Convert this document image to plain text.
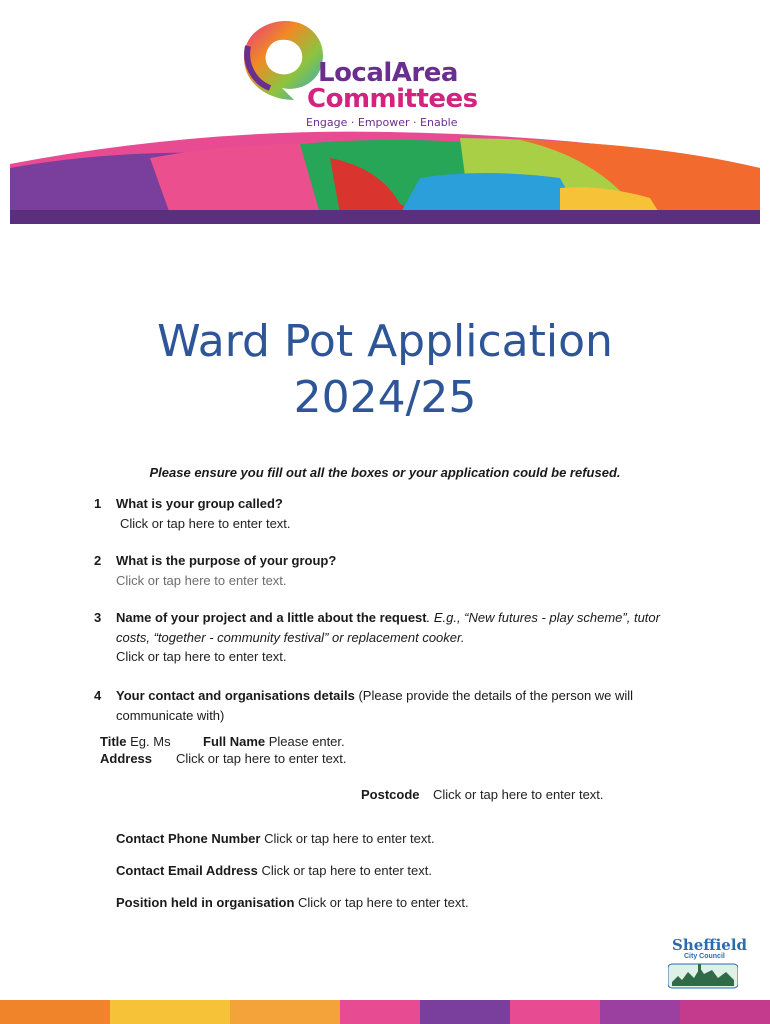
LocalArea
Committees
Engage · Empower · Enable
Ward Pot Application
2024/25
Please ensure you fill out all the boxes or your application could be refused.
1 What is your group called?
Click or tap here to enter text.
2 What is the purpose of your group?
Click or tap here to enter text.
3 Name of your project and a little about the request. E.g., “New futures - play scheme”, tutor costs, “together - community festival” or replacement cooker.
Click or tap here to enter text.
4 Your contact and organisations details (Please provide the details of the person we will communicate with)
Title Eg. Ms Full Name Please enter.
Address Click or tap here to enter text.
Postcode Click or tap here to enter text.
Contact Phone Number Click or tap here to enter text.
Contact Email Address Click or tap here to enter text.
Position held in organisation Click or tap here to enter text.
Sheffield
City Council
